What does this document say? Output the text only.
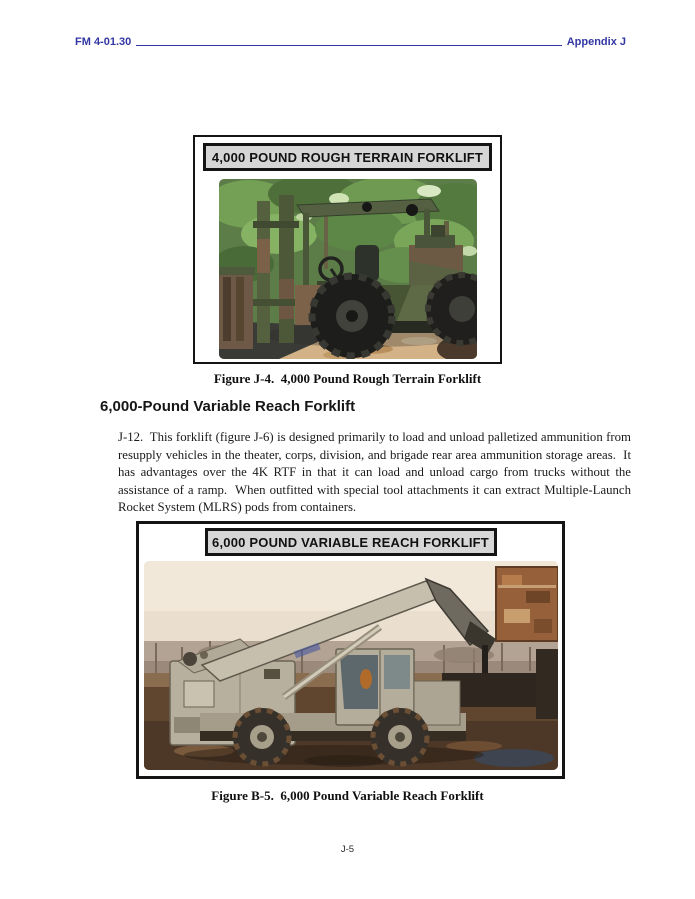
FM 4-01.30	Appendix J
4,000 POUND ROUGH TERRAIN FORKLIFT
Figure J-4.  4,000 Pound Rough Terrain Forklift
6,000-Pound Variable Reach Forklift
J-12.  This forklift (figure J-6) is designed primarily to load and unload palletized ammunition from resupply vehicles in the theater, corps, division, and brigade rear area ammunition storage areas.  It has advantages over the 4K RTF in that it can load and unload cargo from trucks without the assistance of a ramp.  When outfitted with special tool attachments it can extract Multiple-Launch Rocket System (MLRS) pods from containers.
6,000 POUND VARIABLE REACH FORKLIFT
Figure B-5.  6,000 Pound Variable Reach Forklift
J-5
